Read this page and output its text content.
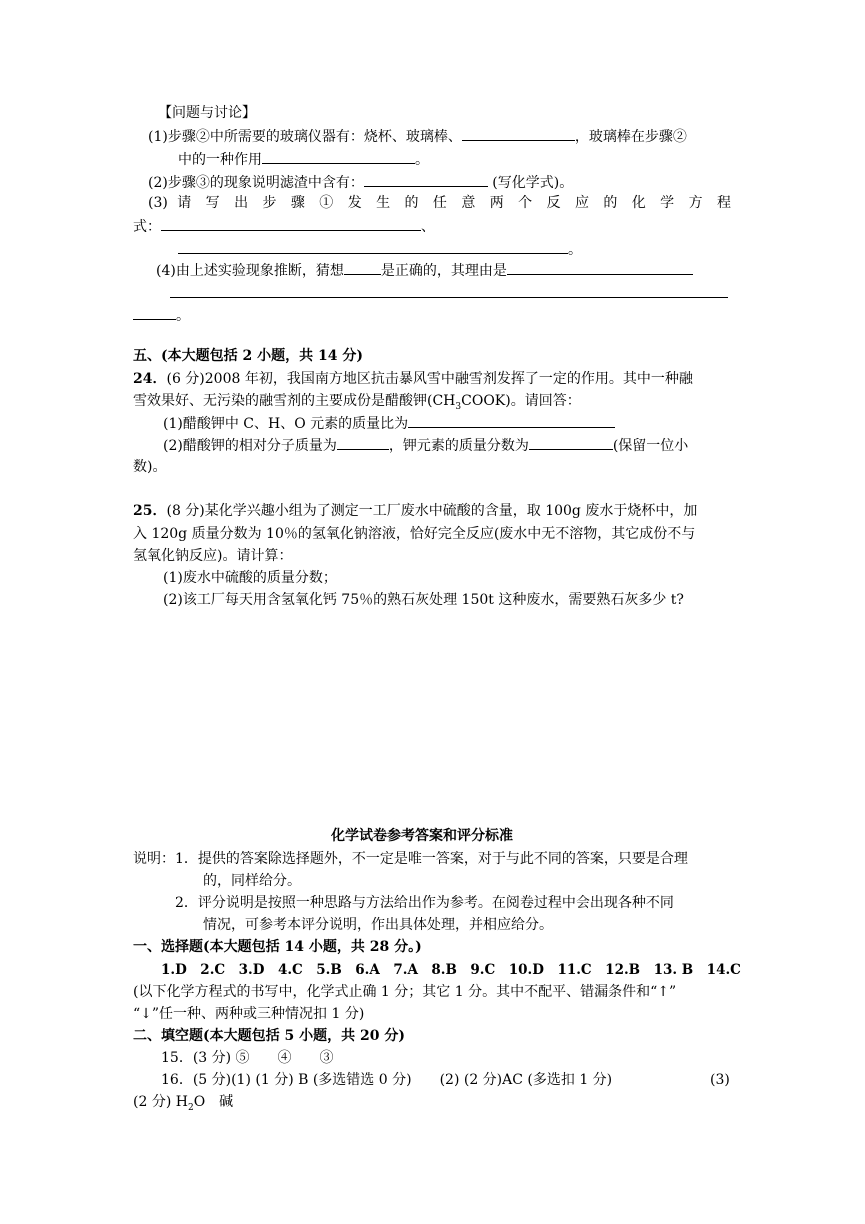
【问题与讨论】
(1)步骤②中所需要的玻璃仪器有：烧杯、玻璃棒、	，玻璃棒在步骤②
中的一种作用	。
(2)步骤③的现象说明滤渣中含有：	(写化学式)。
(3) 请 写 出 步 骤 ① 发 生 的 任 意 两 个 反 应 的 化 学 方 程
式：	、
。
(4)由上述实验现象推断，猜想	是正确的，其理由是
。
五、(本大题包括 2 小题，共 14 分)
24．(6 分)2008 年初，我国南方地区抗击暴风雪中融雪剂发挥了一定的作用。其中一种融
雪效果好、无污染的融雪剂的主要成份是醋酸钾$(CH_3COOK)$。请回答：
(1)醋酸钾中 C、H、O 元素的质量比为
(2)醋酸钾的相对分子质量为	，钾元素的质量分数为	(保留一位小
数)。
25．(8 分)某化学兴趣小组为了测定一工厂废水中硫酸的含量，取 100g 废水于烧杯中，加
入 120g 质量分数为 10％的氢氧化钠溶液，恰好完全反应(废水中无不溶物，其它成份不与
氢氧化钠反应)。请计算：
(1)废水中硫酸的质量分数；
(2)该工厂每天用含氢氧化钙 75％的熟石灰处理 150t 这种废水，需要熟石灰多少 t?
化学试卷参考答案和评分标准
说明：1．提供的答案除选择题外，不一定是唯一答案，对于与此不同的答案，只要是合理
的，同样给分。
2．评分说明是按照一种思路与方法给出作为参考。在阅卷过程中会出现各种不同
情况，可参考本评分说明，作出具体处理，并相应给分。
一、选择题(本大题包括 14 小题，共 28 分。)
1.D　2.C　3.D　4.C　5.B　6.A　7.A　8.B　9.C　10.D　11.C　12.B　13. B　14.C
(以下化学方程式的书写中，化学式止确 1 分；其它 1 分。其中不配平、错漏条件和“↑”
“↓”任一种、两种或三种情况扣 1 分)
二、填空题(本大题包括 5 小题，共 20 分)
15．(3 分) ⑤　　④　　③
16．(5 分)(1) (1 分) B (多选错选 0 分)　　(2) (2 分)AC (多选扣 1 分)	(3)
(2 分) $H_2O$　碱
